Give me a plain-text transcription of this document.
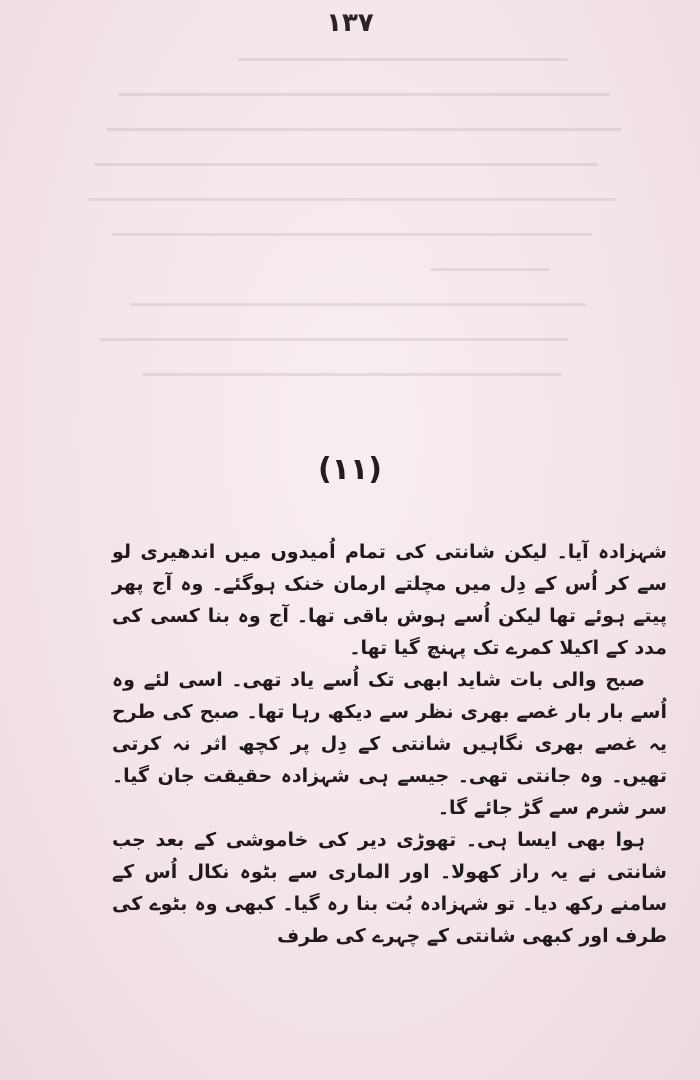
۱۳۷
(۱۱)

شہزادہ آیا۔ لیکن شانتی کی تمام اُمیدوں میں اندھیری لو سے کر اُس کے دِل میں مچلتے ارمان خنک ہوگئے۔ وہ آج پھر پیتے ہوئے تھا لیکن اُسے ہوش باقی تھا۔ آج وہ بنا کسی کی مدد کے اکیلا کمرے تک پہنچ گیا تھا۔

صبح والی بات شاید ابھی تک اُسے یاد تھی۔ اسی لئے وہ اُسے بار بار غصے بھری نظر سے دیکھ رہا تھا۔ صبح کی طرح یہ غصے بھری نگاہیں شانتی کے دِل پر کچھ اثر نہ کرتی تھیں۔ وہ جانتی تھی۔ جیسے ہی شہزادہ حقیقت جان گیا۔ سر شرم سے گڑ جائے گا۔

ہوا بھی ایسا ہی۔ تھوڑی دیر کی خاموشی کے بعد جب شانتی نے یہ راز کھولا۔ اور الماری سے بٹوہ نکال اُس کے سامنے رکھ دیا۔ تو شہزادہ بُت بنا رہ گیا۔ کبھی وہ بٹوے کی طرف اور کبھی شانتی کے چہرے کی طرف
